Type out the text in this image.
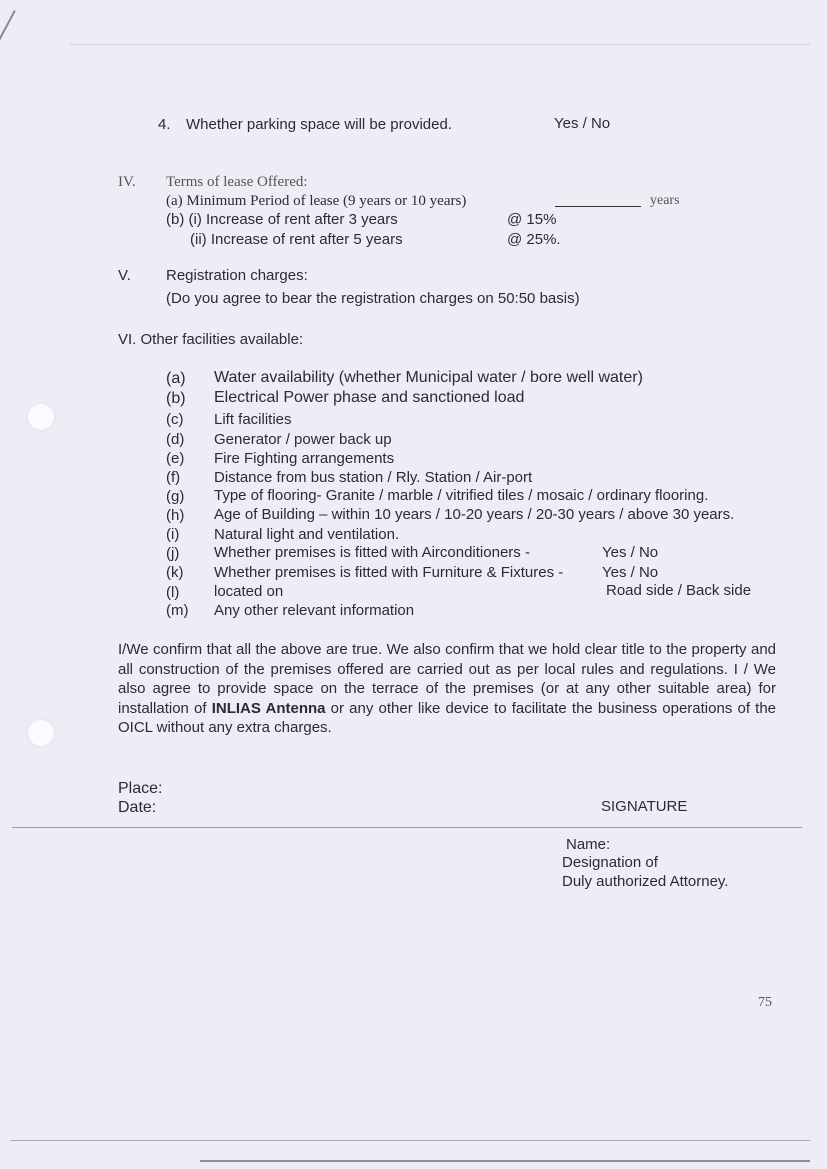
4. Whether parking space will be provided.	Yes / No
IV. Terms of lease Offered:
(a) Minimum Period of lease (9 years or 10 years)	years
(b) (i) Increase of rent after 3 years	@ 15%
(ii) Increase of rent after 5 years	@ 25%.
V. Registration charges:
(Do you agree to bear the registration charges on 50:50 basis)
VI. Other facilities available:
(a) Water availability (whether Municipal water / bore well water)
(b) Electrical Power phase and sanctioned load
(c) Lift facilities
(d) Generator / power back up
(e) Fire Fighting arrangements
(f) Distance from bus station / Rly. Station / Air-port
(g) Type of flooring- Granite / marble / vitrified tiles / mosaic / ordinary flooring.
(h) Age of Building – within 10 years / 10-20 years / 20-30 years / above 30 years.
(i) Natural light and ventilation.
(j) Whether premises is fitted with Airconditioners -	Yes / No
(k) Whether premises is fitted with Furniture & Fixtures -	Yes / No
(l) located on	Road side / Back side
(m) Any other relevant information
I/We confirm that all the above are true. We also confirm that we hold clear title to the property and all construction of the premises offered are carried out as per local rules and regulations. I / We also agree to provide space on the terrace of the premises (or at any other suitable area) for installation of INLIAS Antenna or any other like device to facilitate the business operations of the OICL without any extra charges.
Place:
Date:	SIGNATURE
Name:
Designation of
Duly authorized Attorney.
75
